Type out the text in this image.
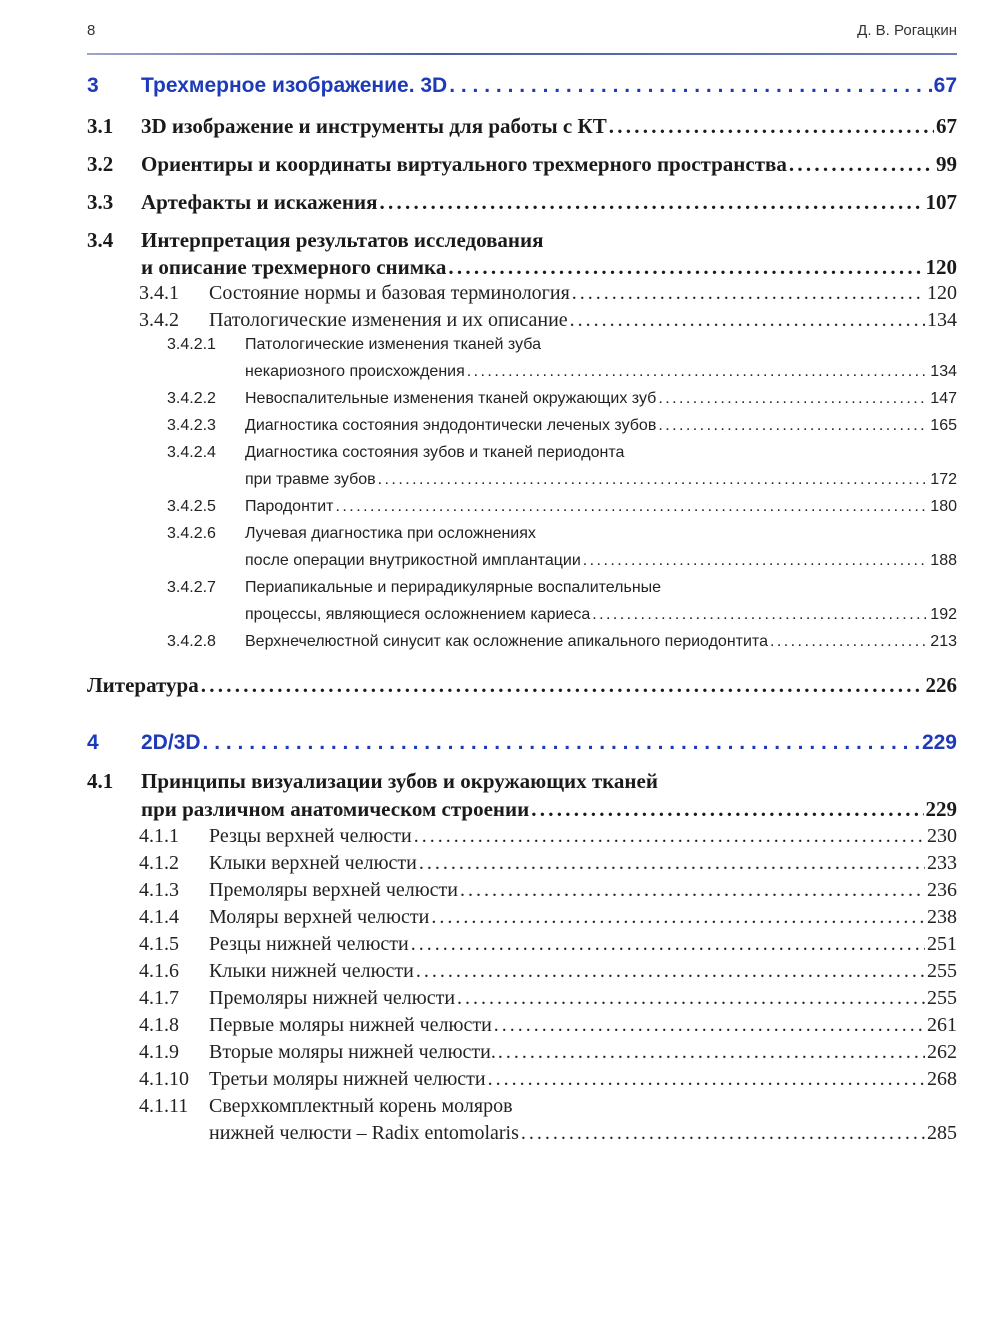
8	Д. В. Рогацкин
3	Трехмерное изображение. 3D . . .	67
3.1	3D изображение и инструменты для работы с КТ . . .	67
3.2	Ориентиры и координаты виртуального трехмерного пространства . . .	99
3.3	Артефакты и искажения . . .	107
3.4	Интерпретация результатов исследования
и описание трехмерного снимка . . .	120
3.4.1	Состояние нормы и базовая терминология . . .	120
3.4.2	Патологические изменения и их описание . . .	134
3.4.2.1	Патологические изменения тканей зуба
некариозного происхождения . . .	134
3.4.2.2	Невоспалительные изменения тканей окружающих зуб . . .	147
3.4.2.3	Диагностика состояния эндодонтически леченых зубов . . .	165
3.4.2.4	Диагностика состояния зубов и тканей периодонта
при травме зубов . . .	172
3.4.2.5	Пародонтит . . .	180
3.4.2.6	Лучевая диагностика при осложнениях
после операции внутрикостной имплантации . . .	188
3.4.2.7	Периапикальные и перирадикулярные воспалительные
процессы, являющиеся осложнением кариеса . . .	192
3.4.2.8	Верхнечелюстной синусит как осложнение апикального периодонтита . . .	213
Литература . . .	226
4	2D/3D . . .	229
4.1	Принципы визуализации зубов и окружающих тканей
при различном анатомическом строении . . .	229
4.1.1	Резцы верхней челюсти . . .	230
4.1.2	Клыки верхней челюсти . . .	233
4.1.3	Премоляры верхней челюсти . . .	236
4.1.4	Моляры верхней челюсти . . .	238
4.1.5	Резцы нижней челюсти . . .	251
4.1.6	Клыки нижней челюсти . . .	255
4.1.7	Премоляры нижней челюсти . . .	255
4.1.8	Первые моляры нижней челюсти . . .	261
4.1.9	Вторые моляры нижней челюсти. . . .	262
4.1.10	Третьи моляры нижней челюсти . . .	268
4.1.11	Сверхкомплектный корень моляров
нижней челюсти – Radix entomolaris . . .	285
